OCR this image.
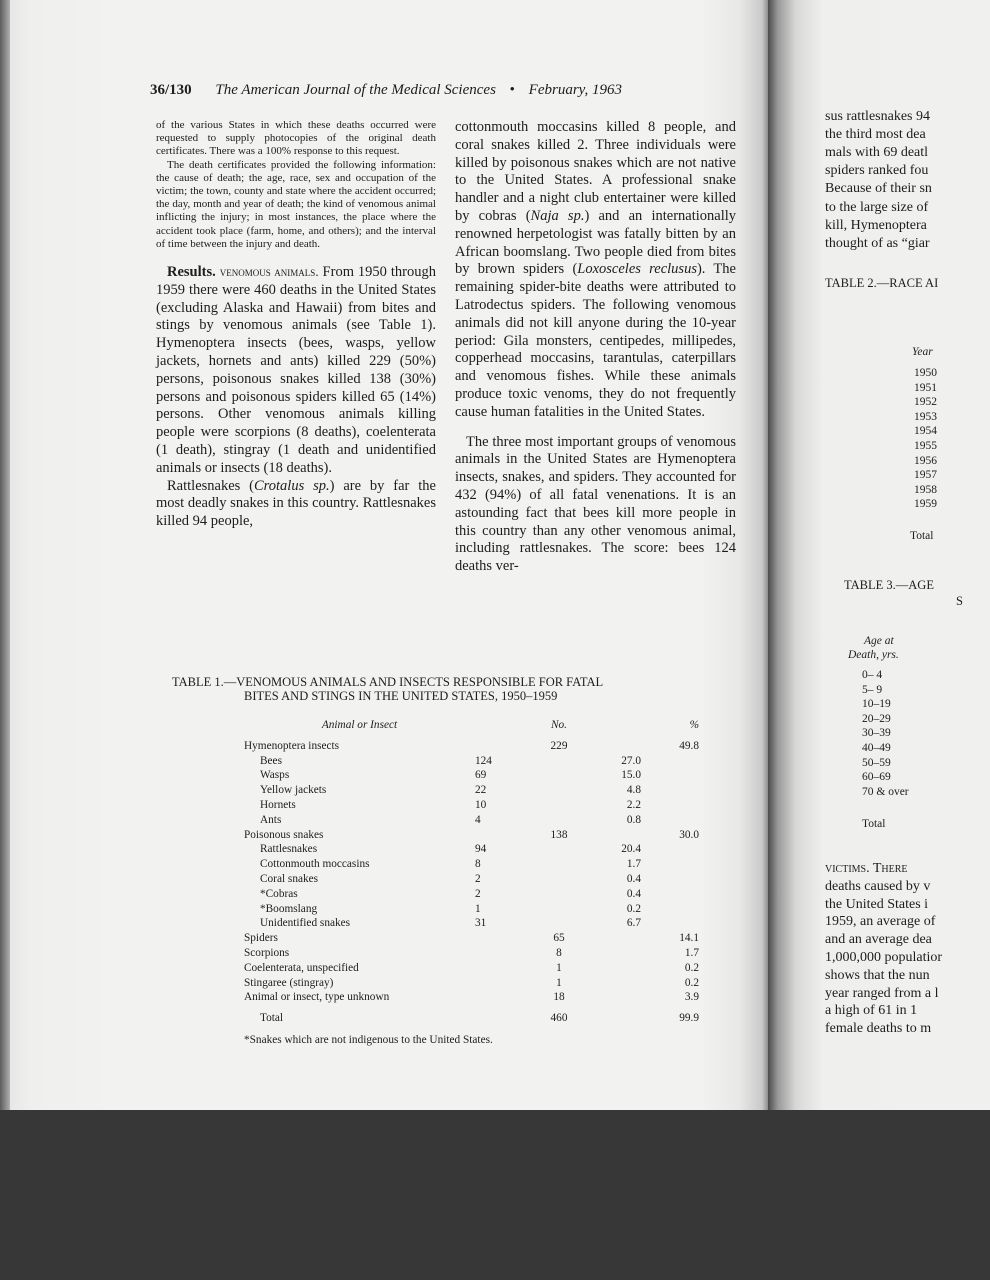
36/130 The American Journal of the Medical Sciences • February, 1963

of the various States in which these deaths occurred were requested to supply photocopies of the original death certificates. There was a 100% response to this request.

The death certificates provided the following information: the cause of death; the age, race, sex and occupation of the victim; the town, county and state where the accident occurred; the day, month and year of death; the kind of venomous animal inflicting the injury; in most instances, the place where the accident took place (farm, home, and others); and the interval of time between the injury and death.

Results. venomous animals. From 1950 through 1959 there were 460 deaths in the United States (excluding Alaska and Hawaii) from bites and stings by venomous animals (see Table 1). Hymenoptera insects (bees, wasps, yellow jackets, hornets and ants) killed 229 (50%) persons, poisonous snakes killed 138 (30%) persons and poisonous spiders killed 65 (14%) persons. Other venomous animals killing people were scorpions (8 deaths), coelenterata (1 death), stingray (1 death and unidentified animals or insects (18 deaths).

Rattlesnakes (Crotalus sp.) are by far the most deadly snakes in this country. Rattlesnakes killed 94 people,

cottonmouth moccasins killed 8 people, and coral snakes killed 2. Three individuals were killed by poisonous snakes which are not native to the United States. A professional snake handler and a night club entertainer were killed by cobras (Naja sp.) and an internationally renowned herpetologist was fatally bitten by an African boomslang. Two people died from bites by brown spiders (Loxosceles reclusus). The remaining spider-bite deaths were attributed to Latrodectus spiders. The following venomous animals did not kill anyone during the 10-year period: Gila monsters, centipedes, millipedes, copperhead moccasins, tarantulas, caterpillars and venomous fishes. While these animals produce toxic venoms, they do not frequently cause human fatalities in the United States.

The three most important groups of venomous animals in the United States are Hymenoptera insects, snakes, and spiders. They accounted for 432 (94%) of all fatal venenations. It is an astounding fact that bees kill more people in this country than any other venomous animal, including rattlesnakes. The score: bees 124 deaths ver-

TABLE 1.—VENOMOUS ANIMALS AND INSECTS RESPONSIBLE FOR FATAL
BITES AND STINGS IN THE UNITED STATES, 1950–1959
Animal or Insect		No.		%
Hymenoptera insects		229		49.8
Bees	124		27.0	
Wasps	69		15.0	
Yellow jackets	22		4.8	
Hornets	10		2.2	
Ants	4		0.8	
Poisonous snakes		138		30.0
Rattlesnakes	94		20.4	
Cottonmouth moccasins	8		1.7	
Coral snakes	2		0.4	
*Cobras	2		0.4	
*Boomslang	1		0.2	
Unidentified snakes	31		6.7	
Spiders		65		14.1
Scorpions		8		1.7
Coelenterata, unspecified		1		0.2
Stingaree (stingray)		1		0.2
Animal or insect, type unknown		18		3.9
Total		460		99.9
*Snakes which are not indigenous to the United States.
sus rattlesnakes 94
the third most dea
mals with 69 deatl
spiders ranked fou
Because of their sn
to the large size of
kill, Hymenoptera
thought of as “giar
TABLE 2.—RACE AI
Year
1950
1951
1952
1953
1954
1955
1956
1957
1958
1959
Total
TABLE 3.—AGE
S
Age at
Death, yrs.
0– 4
5– 9
10–19
20–29
30–39
40–49
50–59
60–69
70 & over
Total
victims. There
deaths caused by v
the United States i
1959, an average of
and an average dea
1,000,000 populatior
shows that the nun
year ranged from a l
a high of 61 in 1
female deaths to m
